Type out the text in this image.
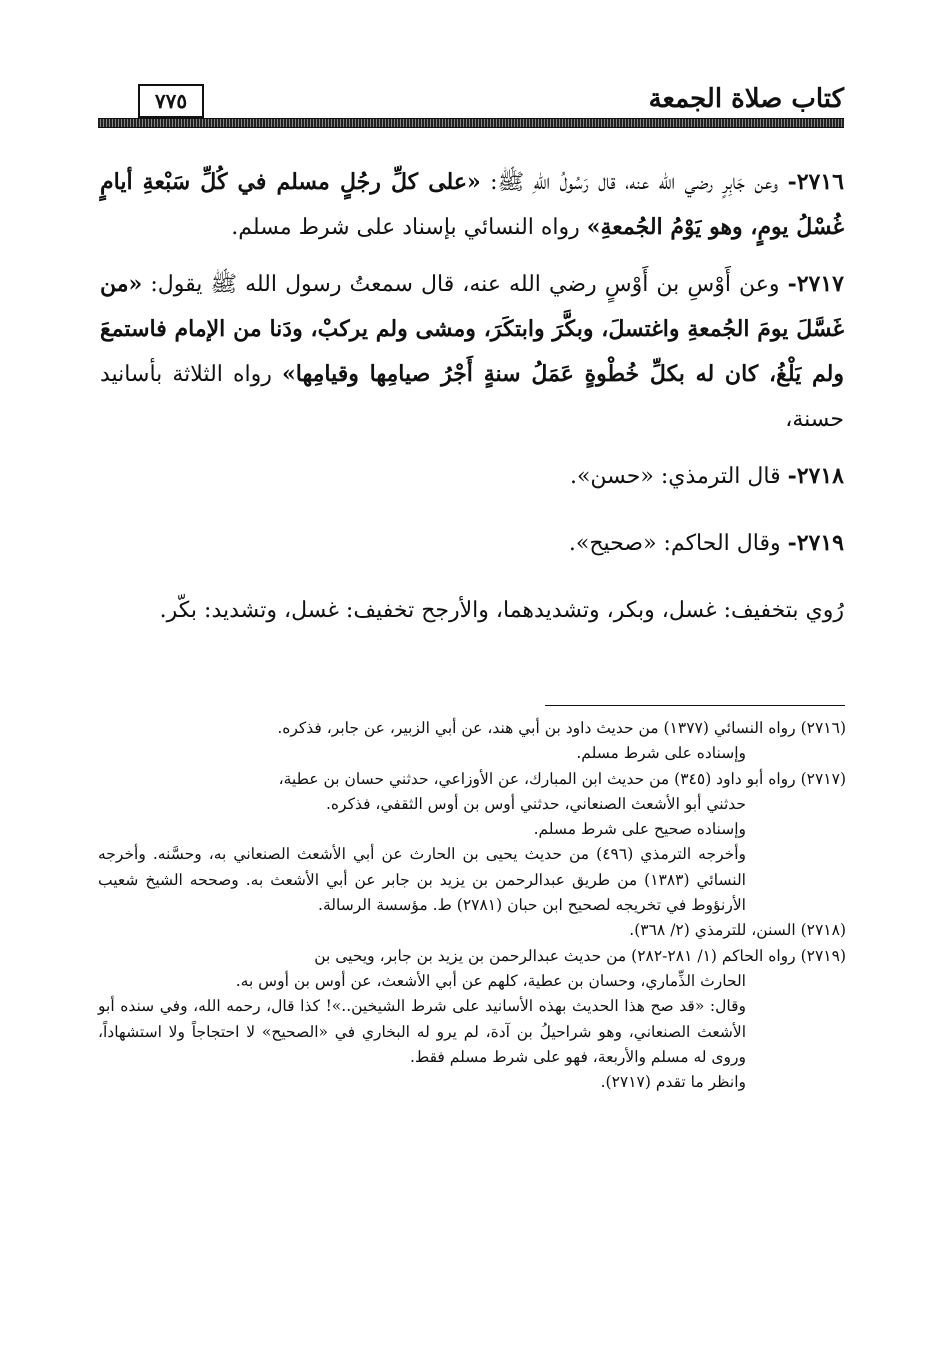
كتاب صلاة الجمعة
٧٧٥

٢٧١٦- وعن جَابِرٍ رضي الله عنه، قال رَسُولُ اللهِ ﷺ: «على كلِّ رجُلٍ مسلم في كُلِّ سَبْعةِ أيامٍ غُسْلُ يومٍ، وهو يَوْمُ الجُمعةِ» رواه النسائي بإسناد على شرط مسلم.

٢٧١٧- وعن أَوْسِ بن أَوْسٍ رضي الله عنه، قال سمعتُ رسول الله ﷺ يقول: «من غَسَّلَ يومَ الجُمعةِ واغتسلَ، وبكَّرَ وابتكَرَ، ومشى ولم يركبْ، ودَنا من الإمام فاستمعَ ولم يَلْغُ، كان له بكلِّ خُطْوةٍ عَمَلُ سنةٍ أَجْرُ صيامِها وقيامِها» رواه الثلاثة بأسانيد حسنة،

٢٧١٨- قال الترمذي: «حسن».

٢٧١٩- وقال الحاكم: «صحيح».

رُوي بتخفيف: غسل، وبكر، وتشديدهما، والأرجح تخفيف: غسل، وتشديد: بكّر.

(٢٧١٦) رواه النسائي (١٣٧٧) من حديث داود بن أبي هند، عن أبي الزبير، عن جابر، فذكره.
وإسناده على شرط مسلم.
(٢٧١٧) رواه أبو داود (٣٤٥) من حديث ابن المبارك، عن الأوزاعي، حدثني حسان بن عطية،
حدثني أبو الأشعث الصنعاني، حدثني أوس بن أوس الثقفي، فذكره.
وإسناده صحيح على شرط مسلم.
وأخرجه الترمذي (٤٩٦) من حديث يحيى بن الحارث عن أبي الأشعث الصنعاني به، وحسَّنه. وأخرجه النسائي (١٣٨٣) من طريق عبدالرحمن بن يزيد بن جابر عن أبي الأشعث به. وصححه الشيخ شعيب الأرنؤوط في تخريجه لصحيح ابن حبان (٢٧٨١) ط. مؤسسة الرسالة.
(٢٧١٨) السنن، للترمذي (٢/ ٣٦٨).
(٢٧١٩) رواه الحاكم (١/ ٢٨١-٢٨٢) من حديث عبدالرحمن بن يزيد بن جابر، ويحيى بن
الحارث الذِّماري، وحسان بن عطية، كلهم عن أبي الأشعث، عن أوس بن أوس به.
وقال: «قد صح هذا الحديث بهذه الأسانيد على شرط الشيخين..»! كذا قال، رحمه الله، وفي سنده أبو الأشعث الصنعاني، وهو شراحيلُ بن آدة، لم يرو له البخاري في «الصحيح» لا احتجاجاً ولا استشهاداً، وروى له مسلم والأربعة، فهو على شرط مسلم فقط.
وانظر ما تقدم (٢٧١٧).
